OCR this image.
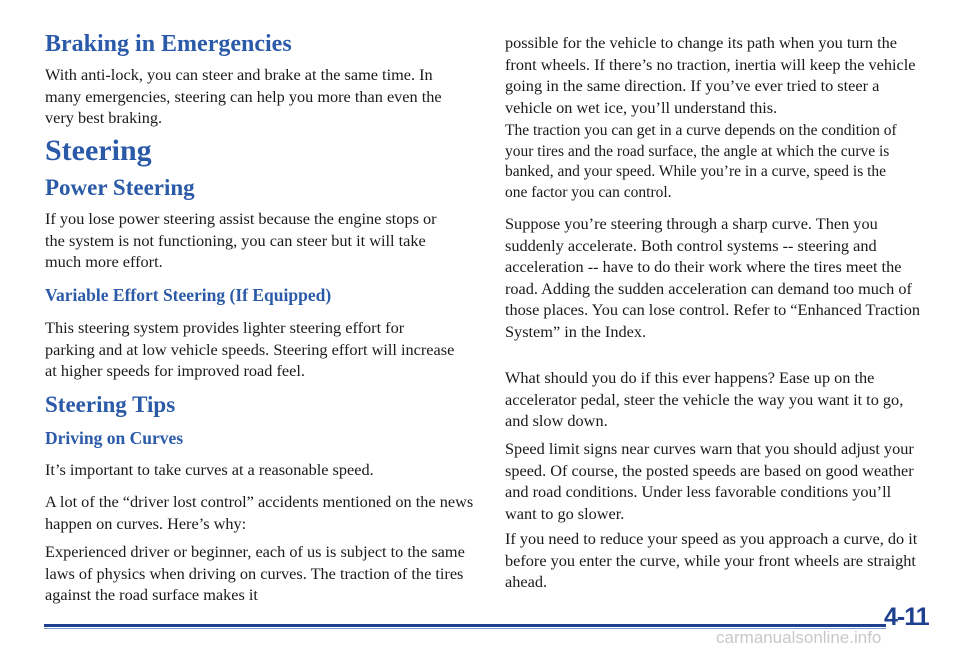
Braking in Emergencies

With anti-lock, you can steer and brake at the same time. In many emergencies, steering can help you more than even the very best braking.

Steering
Power Steering

If you lose power steering assist because the engine stops or the system is not functioning, you can steer but it will take much more effort.

Variable Effort Steering (If Equipped)

This steering system provides lighter steering effort for parking and at low vehicle speeds. Steering effort will increase at higher speeds for improved road feel.

Steering Tips
Driving on Curves

It’s important to take curves at a reasonable speed.

A lot of the “driver lost control” accidents mentioned on the news happen on curves. Here’s why:

Experienced driver or beginner, each of us is subject to the same laws of physics when driving on curves. The traction of the tires against the road surface makes it

possible for the vehicle to change its path when you turn the front wheels. If there’s no traction, inertia will keep the vehicle going in the same direction. If you’ve ever tried to steer a vehicle on wet ice, you’ll understand this.

The traction you can get in a curve depends on the condition of your tires and the road surface, the angle at which the curve is banked, and your speed. While you’re in a curve, speed is the one factor you can control.

Suppose you’re steering through a sharp curve. Then you suddenly accelerate. Both control systems -- steering and acceleration -- have to do their work where the tires meet the road. Adding the sudden acceleration can demand too much of those places. You can lose control. Refer to “Enhanced Traction System” in the Index.

What should you do if this ever happens? Ease up on the accelerator pedal, steer the vehicle the way you want it to go, and slow down.

Speed limit signs near curves warn that you should adjust your speed. Of course, the posted speeds are based on good weather and road conditions. Under less favorable conditions you’ll want to go slower.

If you need to reduce your speed as you approach a curve, do it before you enter the curve, while your front wheels are straight ahead.

4-11
carmanualsonline.info
